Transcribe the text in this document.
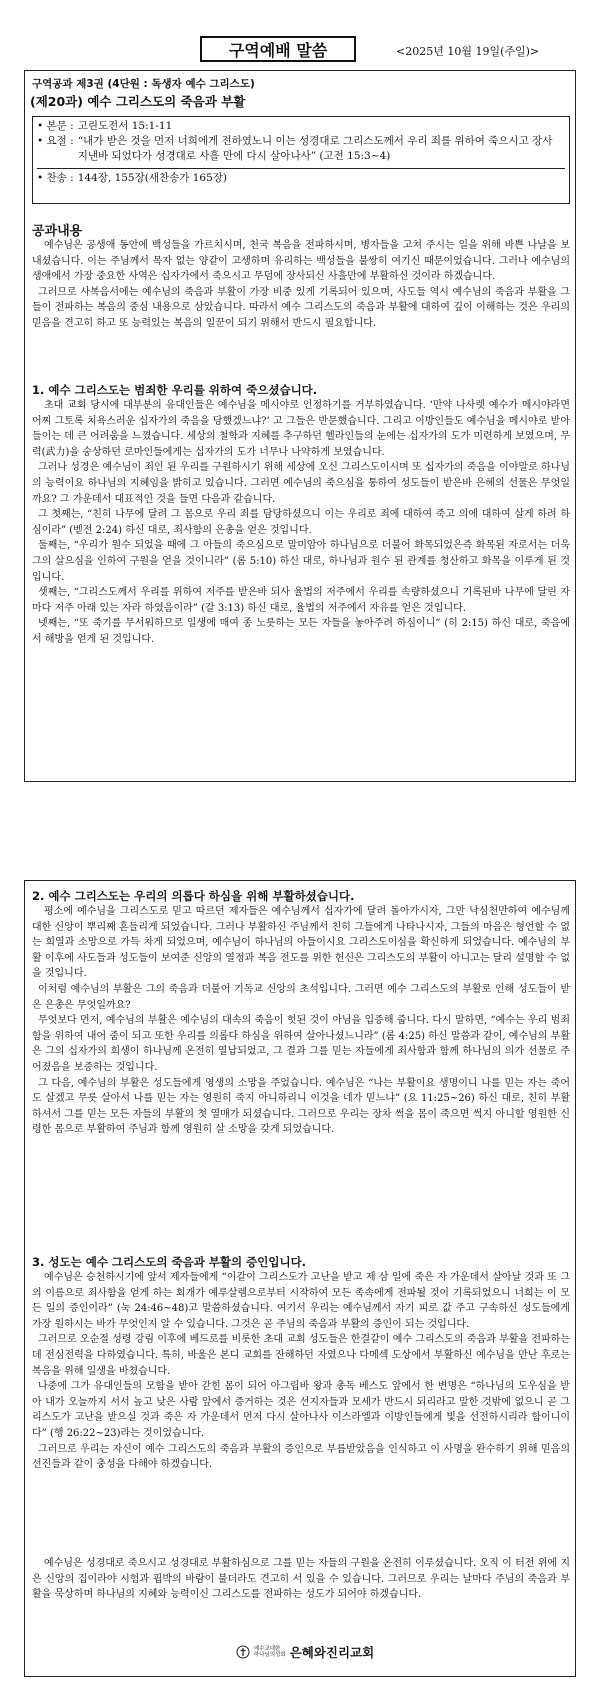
구역예배 말씀	<2025년 10월 19일(주일)>
구역공과 제3권 (4단원 : 독생자 예수 그리스도)
(제20과) 예수 그리스도의 죽음과 부활
• 본문 : 고린도전서 15:1-11
• 요절 : “내가 받은 것을 먼저 너희에게 전하였노니 이는 성경대로 그리스도께서 우리 죄를 위하여 죽으시고 장사 지낸바 되었다가 성경대로 사흘 만에 다시 살아나사” (고전 15:3~4)
• 찬송 : 144장, 155장(새찬송가 165장)
공과내용

예수님은 공생애 동안에 백성들을 가르치시며, 천국 복음을 전파하시며, 병자들을 고쳐 주시는 일을 위해 바쁜 나날을 보내셨습니다. 이는 주님께서 목자 없는 양같이 고생하며 유리하는 백성들을 불쌍히 여기신 때문이었습니다. 그러나 예수님의 생애에서 가장 중요한 사역은 십자가에서 죽으시고 무덤에 장사되신 사흘만에 부활하신 것이라 하겠습니다.

그러므로 사복음서에는 예수님의 죽음과 부활이 가장 비중 있게 기록되어 있으며, 사도들 역시 예수님의 죽음과 부활을 그들이 전파하는 복음의 중심 내용으로 삼았습니다. 따라서 예수 그리스도의 죽음과 부활에 대하여 깊이 이해하는 것은 우리의 믿음을 견고히 하고 또 능력있는 복음의 일꾼이 되기 위해서 반드시 필요합니다.

1. 예수 그리스도는 범죄한 우리를 위하여 죽으셨습니다.

초대 교회 당시에 대부분의 유대인들은 예수님을 메시야로 인정하기를 거부하였습니다. ‘만약 나사렛 예수가 메시야라면 어찌 그토록 치욕스러운 십자가의 죽음을 당했겠느냐?’ 고 그들은 반문했습니다. 그리고 이방인들도 예수님을 메시야로 받아들이는 데 큰 어려움을 느꼈습니다. 세상의 철학과 지혜를 추구하던 헬라인들의 눈에는 십자가의 도가 미련하게 보였으며, 무력(武力)을 숭상하던 로마인들에게는 십자가의 도가 너무나 나약하게 보였습니다.

그러나 성경은 예수님이 죄인 된 우리를 구원하시기 위해 세상에 오신 그리스도이시며 또 십자가의 죽음을 이야말로 하나님의 능력이요 하나님의 지혜임을 밝히고 있습니다. 그러면 예수님의 죽으심을 통하여 성도들이 받은바 은혜의 선물은 무엇일까요? 그 가운데서 대표적인 것을 들면 다음과 같습니다.

그 첫째는, “친히 나무에 달려 그 몸으로 우리 죄를 담당하셨으니 이는 우리로 죄에 대하여 죽고 의에 대하여 살게 하려 하심이라” (벧전 2:24) 하신 대로, 죄사함의 은총을 얻은 것입니다.

둘째는, “우리가 원수 되었을 때에 그 아들의 죽으심으로 말미암아 하나님으로 더불어 화목되었은즉 화목된 자로서는 더욱 그의 살으심을 인하여 구원을 얻을 것이니라” (롬 5:10) 하신 대로, 하나님과 원수 된 관계를 청산하고 화목을 이루게 된 것입니다.

셋째는, “그리스도께서 우리를 위하여 저주를 받은바 되사 율법의 저주에서 우리를 속량하셨으니 기록된바 나무에 달린 자마다 저주 아래 있는 자라 하였음이라” (갈 3:13) 하신 대로, 율법의 저주에서 자유를 얻은 것입니다.

넷째는, “또 죽기를 무서워하므로 일생에 매여 종 노릇하는 모든 자들을 놓아주려 하심이니” (히 2:15) 하신 대로, 죽음에서 해방을 얻게 된 것입니다.

2. 예수 그리스도는 우리의 의롭다 하심을 위해 부활하셨습니다.

평소에 예수님을 그리스도로 믿고 따르던 제자들은 예수님께서 십자가에 달려 돌아가시자, 그만 낙심천만하여 예수님께 대한 신앙이 뿌리째 흔들리게 되었습니다. 그러나 부활하신 주님께서 친히 그들에게 나타나시자, 그들의 마음은 형언할 수 없는 희열과 소망으로 가득 차게 되었으며, 예수님이 하나님의 아들이시요 그리스도이심을 확신하게 되었습니다. 예수님의 부활 이후에 사도들과 성도들이 보여준 신앙의 열정과 복음 전도를 위한 헌신은 그리스도의 부활이 아니고는 달리 설명할 수 없을 것입니다.

이처럼 예수님의 부활은 그의 죽음과 더불어 기독교 신앙의 초석입니다. 그러면 예수 그리스도의 부활로 인해 성도들이 받은 은총은 무엇일까요?

무엇보다 먼저, 예수님의 부활은 예수님의 대속의 죽음이 헛된 것이 아님을 입증해 줍니다. 다시 말하면, “예수는 우리 범죄함을 위하여 내어 줌이 되고 또한 우리를 의롭다 하심을 위하여 살아나셨느니라” (롬 4:25) 하신 말씀과 같이, 예수님의 부활은 그의 십자가의 희생이 하나님께 온전히 열납되었고, 그 결과 그를 믿는 자들에게 죄사함과 함께 하나님의 의가 선물로 주어졌음을 보증하는 것입니다.

그 다음, 예수님의 부활은 성도들에게 영생의 소망을 주었습니다. 예수님은 “나는 부활이요 생명이니 나를 믿는 자는 죽어도 살겠고 무릇 살아서 나를 믿는 자는 영원히 죽지 아니하리니 이것을 네가 믿느냐” (요 11:25~26) 하신 대로, 친히 부활하셔서 그를 믿는 모든 자들의 부활의 첫 열매가 되셨습니다. 그러므로 우리는 장차 썩을 몸이 죽으면 썩지 아니할 영원한 신령한 몸으로 부활하여 주님과 함께 영원히 살 소망을 갖게 되었습니다.

3. 성도는 예수 그리스도의 죽음과 부활의 증인입니다.

예수님은 승천하시기에 앞서 제자들에게 “이같이 그리스도가 고난을 받고 제 삼 일에 죽은 자 가운데서 살아날 것과 또 그의 이름으로 죄사함을 얻게 하는 회개가 예루살렘으로부터 시작하여 모든 족속에게 전파될 것이 기록되었으니 너희는 이 모든 일의 증인이라” (눅 24:46~48)고 말씀하셨습니다. 여기서 우리는 예수님께서 자기 피로 값 주고 구속하신 성도들에게 가장 원하시는 바가 무엇인지 알 수 있습니다. 그것은 곧 주님의 죽음과 부활의 증인이 되는 것입니다.

그러므로 오순절 성령 강림 이후에 베드로를 비롯한 초대 교회 성도들은 한결같이 예수 그리스도의 죽음과 부활을 전파하는 데 전심전력을 다하였습니다. 특히, 바울은 본디 교회를 잔해하던 자였으나 다메섹 도상에서 부활하신 예수님을 만난 후로는 복음을 위해 일생을 바쳤습니다.

나중에 그가 유대인들의 모함을 받아 갇힌 몸이 되어 아그립바 왕과 총독 베스도 앞에서 한 변명은 “하나님의 도우심을 받아 내가 오늘까지 서서 높고 낮은 사람 앞에서 증거하는 것은 선지자들과 모세가 반드시 되리라고 말한 것밖에 없으니 곧 그리스도가 고난을 받으실 것과 죽은 자 가운데서 먼저 다시 살아나사 이스라엘과 이방인들에게 빛을 선전하시리라 함이니이다” (행 26:22~23)라는 것이었습니다.

그러므로 우리는 자신이 예수 그리스도의 죽음과 부활의 증인으로 부름받았음을 인식하고 이 사명을 완수하기 위해 믿음의 선진들과 같이 충성을 다해야 하겠습니다.

예수님은 성경대로 죽으시고 성경대로 부활하심으로 그를 믿는 자들의 구원을 온전히 이루셨습니다. 오직 이 터전 위에 지은 신앙의 집이라야 시험과 핍박의 바람이 불더라도 견고히 서 있을 수 있습니다. 그러므로 우리는 날마다 주님의 죽음과 부활을 묵상하며 하나님의 지혜와 능력이신 그리스도를 전파하는 성도가 되어야 하겠습니다.

예수교대한
하나님의성회 은혜와진리교회
